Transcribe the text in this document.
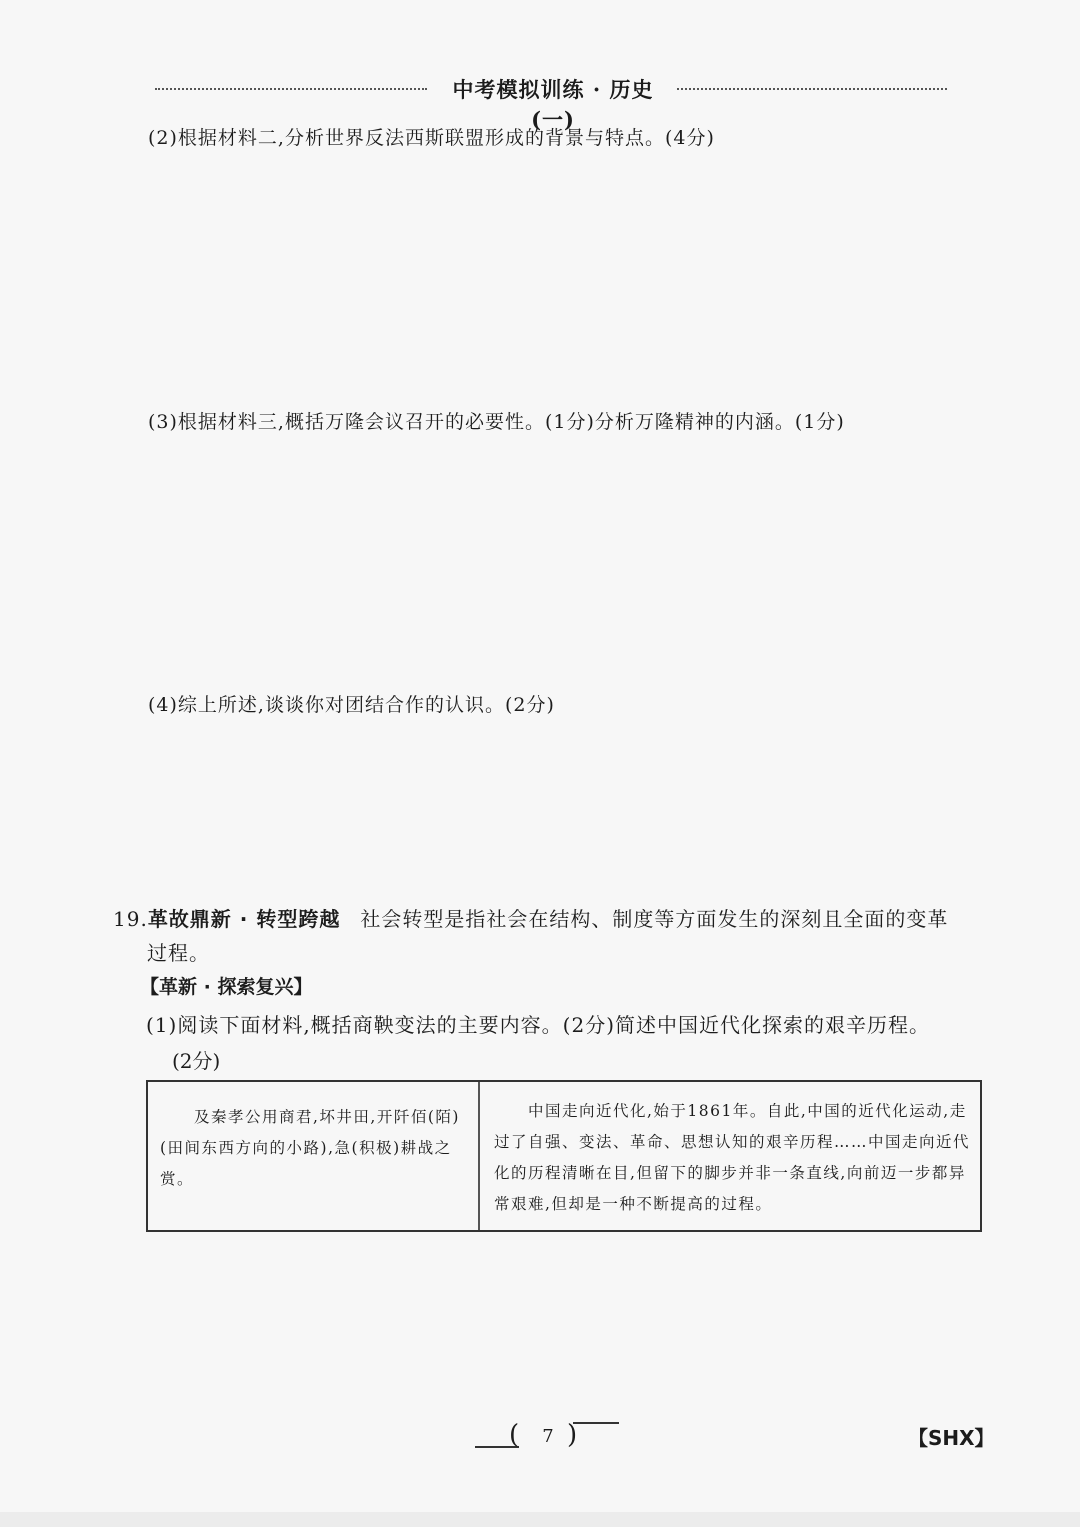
中考模拟训练 · 历史(一)
(2)根据材料二,分析世界反法西斯联盟形成的背景与特点。(4分)
(3)根据材料三,概括万隆会议召开的必要性。(1分)分析万隆精神的内涵。(1分)
(4)综上所述,谈谈你对团结合作的认识。(2分)
19.革故鼎新 · 转型跨越 社会转型是指社会在结构、制度等方面发生的深刻且全面的变革
过程。
【革新 · 探索复兴】
(1)阅读下面材料,概括商鞅变法的主要内容。(2分)简述中国近代化探索的艰辛历程。
(2分)
及秦孝公用商君,坏井田,开阡佰(陌)(田间东西方向的小路),急(积极)耕战之赏。
中国走向近代化,始于1861年。自此,中国的近代化运动,走过了自强、变法、革命、思想认知的艰辛历程……中国走向近代化的历程清晰在目,但留下的脚步并非一条直线,向前迈一步都异常艰难,但却是一种不断提高的过程。
(	7 )	【SHX】
